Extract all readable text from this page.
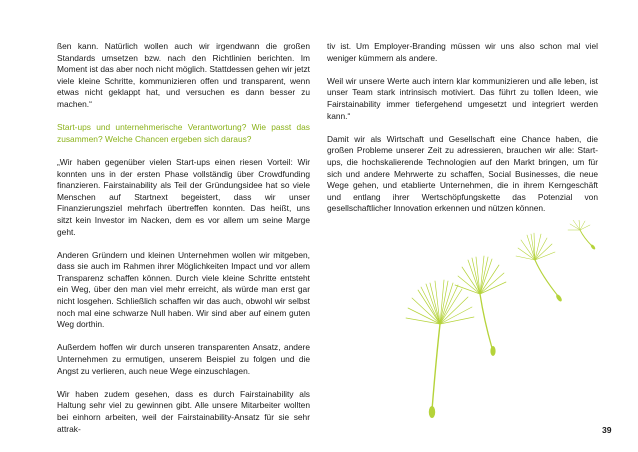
ßen kann. Natürlich wollen auch wir irgendwann die großen Standards umsetzen bzw. nach den Richtlinien berichten. Im Moment ist das aber noch nicht möglich. Stattdessen gehen wir jetzt viele kleine Schritte, kommunizieren offen und transparent, wenn etwas nicht geklappt hat, und versuchen es dann besser zu machen.“

Start-ups und unternehmerische Verantwortung? Wie passt das zusammen? Welche Chancen ergeben sich daraus?

„Wir haben gegenüber vielen Start-ups einen riesen Vorteil: Wir konnten uns in der ersten Phase vollständig über Crowdfunding finanzieren. Fairstainability als Teil der Gründungsidee hat so viele Menschen auf Startnext begeistert, dass wir unser Finanzierungsziel mehrfach übertreffen konnten. Das heißt, uns sitzt kein Investor im Nacken, dem es vor allem um seine Marge geht.

Anderen Gründern und kleinen Unternehmen wollen wir mitgeben, dass sie auch im Rahmen ihrer Möglichkeiten Impact und vor allem Transparenz schaffen können. Durch viele kleine Schritte entsteht ein Weg, über den man viel mehr erreicht, als würde man erst gar nicht losgehen. Schließlich schaffen wir das auch, obwohl wir selbst noch mal eine schwarze Null haben. Wir sind aber auf einem guten Weg dorthin.

Außerdem hoffen wir durch unseren transparenten Ansatz, andere Unternehmen zu ermutigen, unserem Beispiel zu folgen und die Angst zu verlieren, auch neue Wege einzuschlagen.

Wir haben zudem gesehen, dass es durch Fairstainability als Haltung sehr viel zu gewinnen gibt. Alle unsere Mitarbeiter wollten bei einhorn arbeiten, weil der Fairstainability-Ansatz für sie sehr attrak-

tiv ist. Um Employer-Branding müssen wir uns also schon mal viel weniger kümmern als andere.

Weil wir unsere Werte auch intern klar kommunizieren und alle leben, ist unser Team stark intrinsisch motiviert. Das führt zu tollen Ideen, wie Fairstainability immer tiefergehend umgesetzt und integriert werden kann.“

Damit wir als Wirtschaft und Gesellschaft eine Chance haben, die großen Probleme unserer Zeit zu adressieren, brauchen wir alle: Start-ups, die hochskalierende Technologien auf den Markt bringen, um für sich und andere Mehrwerte zu schaffen, Social Businesses, die neue Wege gehen, und etablierte Unternehmen, die in ihrem Kerngeschäft und entlang ihrer Wertschöpfungskette das Potenzial von gesellschaftlicher Innovation erkennen und nützen können.

39
